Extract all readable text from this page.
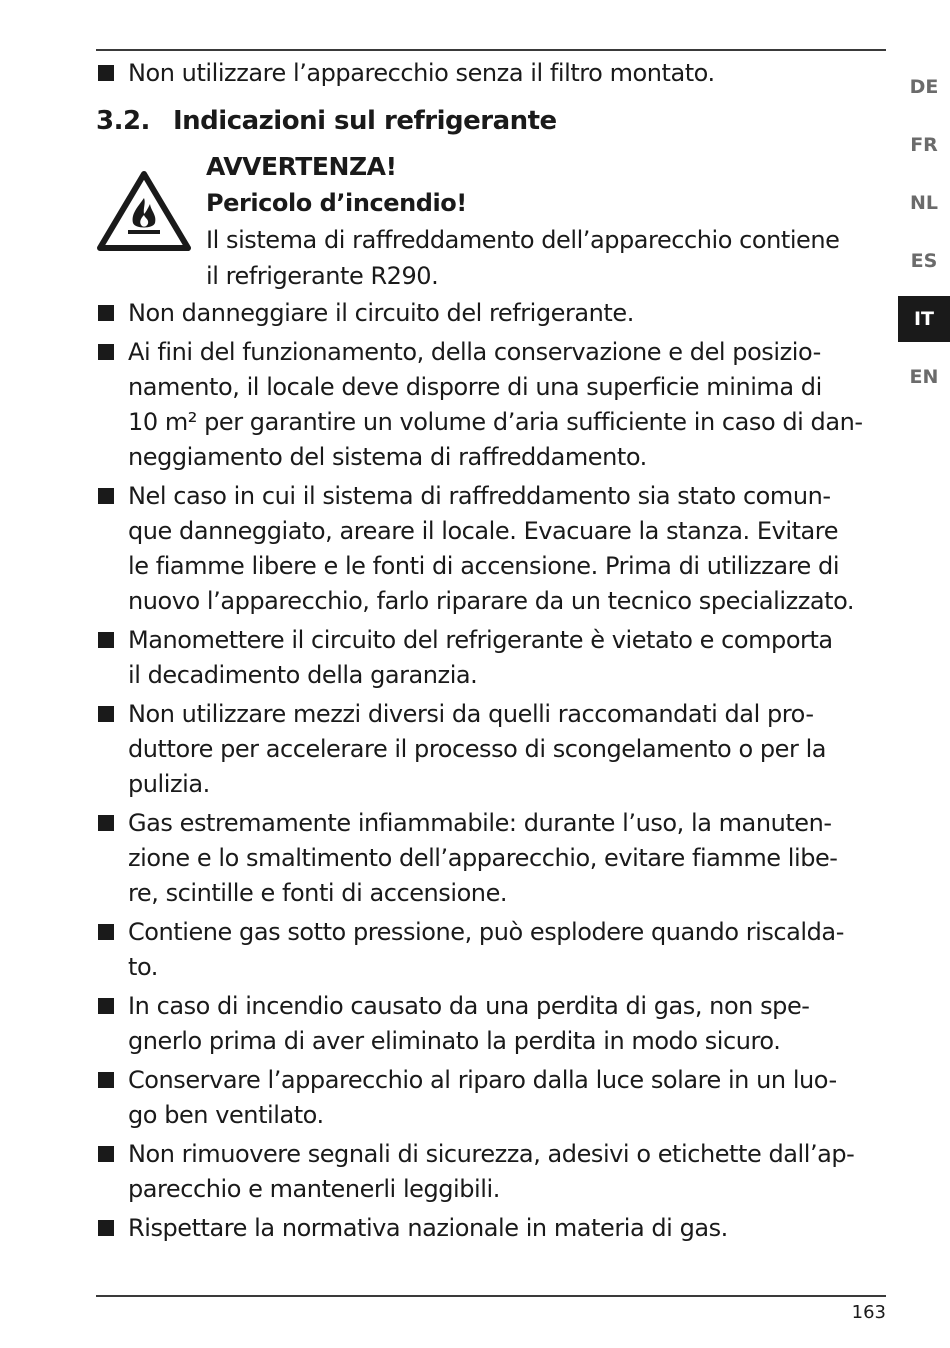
Non utilizzare l’apparecchio senza il filtro montato.
3.2. Indicazioni sul refrigerante
AVVERTENZA!
Pericolo d’incendio!
Il sistema di raffreddamento dell’apparecchio contiene
il refrigerante R290.
Non danneggiare il circuito del refrigerante.
Ai fini del funzionamento, della conservazione e del posizio-
namento, il locale deve disporre di una superficie minima di
10 m² per garantire un volume d’aria sufficiente in caso di dan-
neggiamento del sistema di raffreddamento.
Nel caso in cui il sistema di raffreddamento sia stato comun-
que danneggiato, areare il locale. Evacuare la stanza. Evitare
le fiamme libere e le fonti di accensione. Prima di utilizzare di
nuovo l’apparecchio, farlo riparare da un tecnico specializzato.
Manomettere il circuito del refrigerante è vietato e comporta
il decadimento della garanzia.
Non utilizzare mezzi diversi da quelli raccomandati dal pro-
duttore per accelerare il processo di scongelamento o per la
pulizia.
Gas estremamente infiammabile: durante l’uso, la manuten-
zione e lo smaltimento dell’apparecchio, evitare fiamme libe-
re, scintille e fonti di accensione.
Contiene gas sotto pressione, può esplodere quando riscalda-
to.
In caso di incendio causato da una perdita di gas, non spe-
gnerlo prima di aver eliminato la perdita in modo sicuro.
Conservare l’apparecchio al riparo dalla luce solare in un luo-
go ben ventilato.
Non rimuovere segnali di sicurezza, adesivi o etichette dall’ap-
parecchio e mantenerli leggibili.
Rispettare la normativa nazionale in materia di gas.
DE
FR
NL
ES
IT
EN
163
